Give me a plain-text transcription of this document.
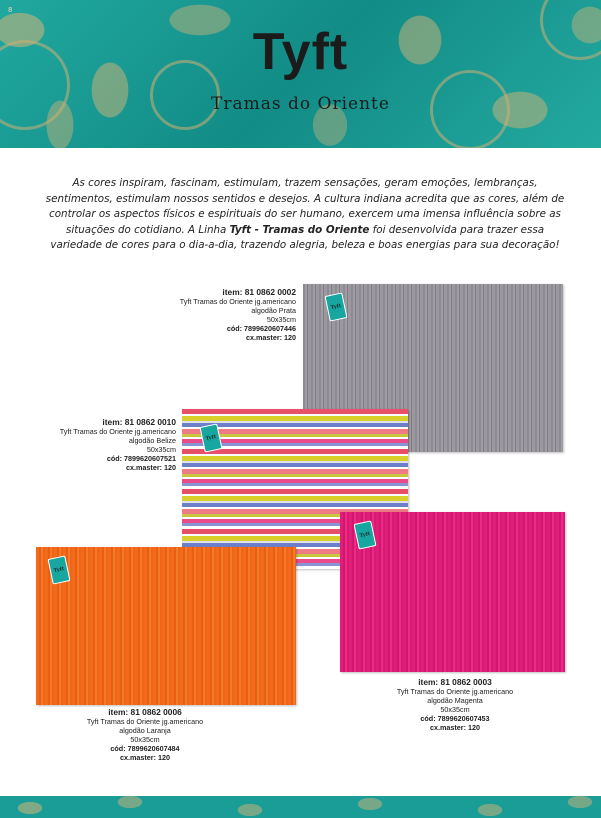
8
Tyft
Tramas do Oriente

As cores inspiram, fascinam, estimulam, trazem sensações, geram emoções, lembranças, sentimentos, estimulam nossos sentidos e desejos. A cultura indiana acredita que as cores, além de controlar os aspectos físicos e espirituais do ser humano, exercem uma imensa influência sobre as situações do cotidiano. A Linha Tyft - Tramas do Oriente foi desenvolvida para trazer essa variedade de cores para o dia-a-dia, trazendo alegria, beleza e boas energias para sua decoração!

item: 81 0862 0002
Tyft Tramas do Oriente jg.americano
algodão Prata
50x35cm
cód: 7899620607446
cx.master: 120
Tyft
item: 81 0862 0010
Tyft Tramas do Oriente jg.americano
algodão Belize
50x35cm
cód: 7899620607521
cx.master: 120
Tyft
Tyft
item: 81 0862 0003
Tyft Tramas do Oriente jg.americano
algodão Magenta
50x35cm
cód: 7899620607453
cx.master: 120
Tyft
item: 81 0862 0006
Tyft Tramas do Oriente jg.americano
algodão Laranja
50x35cm
cód: 7899620607484
cx.master: 120
